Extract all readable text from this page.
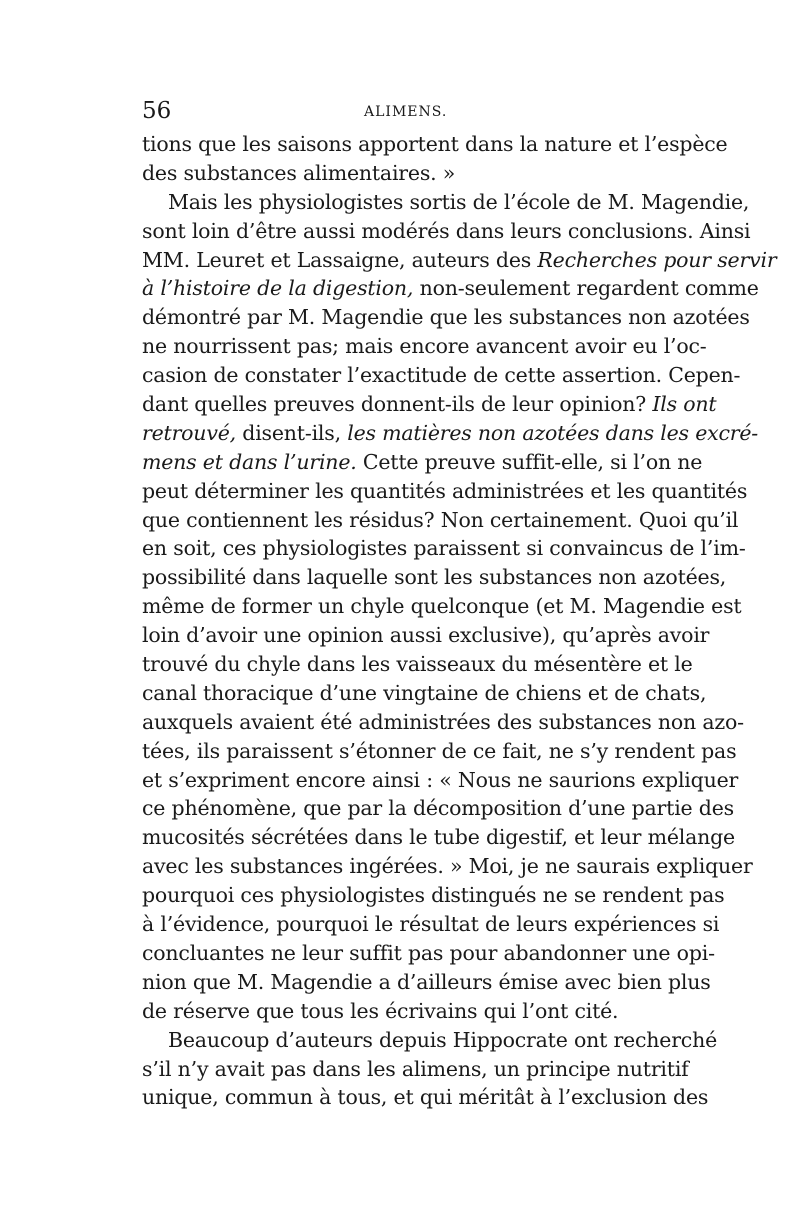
56	ALIMENS.
tions que les saisons apportent dans la nature et l’espèce
des substances alimentaires. »
Mais les physiologistes sortis de l’école de M. Magendie,
sont loin d’être aussi modérés dans leurs conclusions. Ainsi
MM. Leuret et Lassaigne, auteurs des Recherches pour servir
à l’histoire de la digestion, non-seulement regardent comme
démontré par M. Magendie que les substances non azotées
ne nourrissent pas; mais encore avancent avoir eu l’oc-
casion de constater l’exactitude de cette assertion. Cepen-
dant quelles preuves donnent-ils de leur opinion? Ils ont
retrouvé, disent-ils, les matières non azotées dans les excré-
mens et dans l’urine. Cette preuve suffit-elle, si l’on ne
peut déterminer les quantités administrées et les quantités
que contiennent les résidus? Non certainement. Quoi qu’il
en soit, ces physiologistes paraissent si convaincus de l’im-
possibilité dans laquelle sont les substances non azotées,
même de former un chyle quelconque (et M. Magendie est
loin d’avoir une opinion aussi exclusive), qu’après avoir
trouvé du chyle dans les vaisseaux du mésentère et le
canal thoracique d’une vingtaine de chiens et de chats,
auxquels avaient été administrées des substances non azo-
tées, ils paraissent s’étonner de ce fait, ne s’y rendent pas
et s’expriment encore ainsi : « Nous ne saurions expliquer
ce phénomène, que par la décomposition d’une partie des
mucosités sécrétées dans le tube digestif, et leur mélange
avec les substances ingérées. » Moi, je ne saurais expliquer
pourquoi ces physiologistes distingués ne se rendent pas
à l’évidence, pourquoi le résultat de leurs expériences si
concluantes ne leur suffit pas pour abandonner une opi-
nion que M. Magendie a d’ailleurs émise avec bien plus
de réserve que tous les écrivains qui l’ont cité.
Beaucoup d’auteurs depuis Hippocrate ont recherché
s’il n’y avait pas dans les alimens, un principe nutritif
unique, commun à tous, et qui méritât à l’exclusion des
